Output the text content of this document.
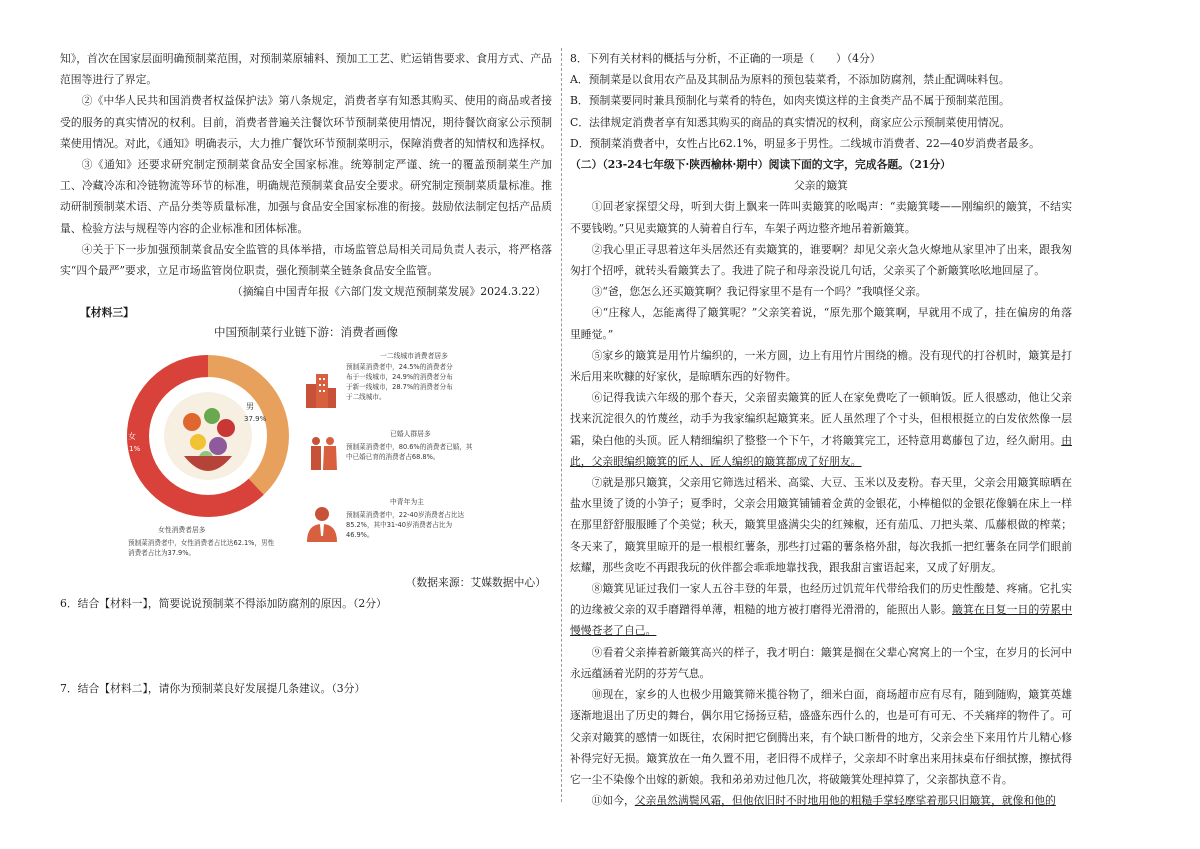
知》，首次在国家层面明确预制菜范围，对预制菜原辅料、预加工工艺、贮运销售要求、食用方式、产品范围等进行了界定。

②《中华人民共和国消费者权益保护法》第八条规定，消费者享有知悉其购买、使用的商品或者接受的服务的真实情况的权利。目前，消费者普遍关注餐饮环节预制菜使用情况，期待餐饮商家公示预制菜使用情况。对此，《通知》明确表示，大力推广餐饮环节预制菜明示，保障消费者的知情权和选择权。

③《通知》还要求研究制定预制菜食品安全国家标准。统筹制定严谨、统一的覆盖预制菜生产加工、冷藏冷冻和冷链物流等环节的标准，明确规范预制菜食品安全要求。研究制定预制菜质量标准。推动研制预制菜术语、产品分类等质量标准，加强与食品安全国家标准的衔接。鼓励依法制定包括产品质量、检验方法与规程等内容的企业标准和团体标准。

④关于下一步加强预制菜食品安全监管的具体举措，市场监管总局相关司局负责人表示，将严格落实“四个最严”要求，立足市场监管岗位职责，强化预制菜全链条食品安全监管。

（摘编自中国青年报《六部门发文规范预制菜发展》2024.3.22）

【材料三】

中国预制菜行业链下游：消费者画像
女
62.1%
男
37.9%
女性消费者居多
预制菜消费者中，女性消费者占比达62.1%，男性消费者占比为37.9%。
一二线城市消费者居多
预制菜消费者中，24.5%的消费者分布于一线城市，24.9%的消费者分布于新一线城市，28.7%的消费者分布于二线城市。
已婚人群居多
预制菜消费者中，80.6%的消费者已婚，其中已婚已育的消费者占68.8%。
中青年为主
预制菜消费者中，22-40岁消费者占比达85.2%，其中31-40岁消费者占比为46.9%。

（数据来源：艾媒数据中心）

6．结合【材料一】，简要说说预制菜不得添加防腐剂的原因。（2分）

7．结合【材料二】，请你为预制菜良好发展提几条建议。（3分）

8．下列有关材料的概括与分析，不正确的一项是（　　）（4分）

A．预制菜是以食用农产品及其制品为原料的预包装菜肴，不添加防腐剂，禁止配调味料包。

B．预制菜要同时兼具预制化与菜肴的特色，如肉夹馍这样的主食类产品不属于预制菜范围。

C．法律规定消费者享有知悉其购买的商品的真实情况的权利，商家应公示预制菜使用情况。

D．预制菜消费者中，女性占比62.1%，明显多于男性。二线城市消费者、22—40岁消费者最多。

（二）（23-24七年级下·陕西榆林·期中）阅读下面的文字，完成各题。（21分）

父亲的簸箕

①回老家探望父母，听到大街上飘来一阵叫卖簸箕的吆喝声：“卖簸箕喽——刚编织的簸箕，不结实不要钱哟。”只见卖簸箕的人骑着自行车，车架子两边整齐地吊着新簸箕。

②我心里正寻思着这年头居然还有卖簸箕的，谁要啊？却见父亲火急火燎地从家里冲了出来，跟我匆匆打个招呼，就转头看簸箕去了。我进了院子和母亲没说几句话，父亲买了个新簸箕吆吆地回屋了。

③“爸，您怎么还买簸箕啊？我记得家里不是有一个吗？”我嗔怪父亲。

④“庄稼人，怎能离得了簸箕呢？”父亲笑着说，“原先那个簸箕啊，早就用不成了，挂在偏房的角落里睡觉。”

⑤家乡的簸箕是用竹片编织的，一米方圆，边上有用竹片围绕的檐。没有现代的打谷机时，簸箕是打米后用来吹糠的好家伙，是晾晒东西的好物件。

⑥记得我读六年级的那个春天，父亲留卖簸箕的匠人在家免费吃了一顿晌饭。匠人很感动，他让父亲找来沉淀很久的竹蔑丝，动手为我家编织起簸箕来。匠人虽然理了个寸头，但根根挺立的白发依然像一层霜，染白他的头顶。匠人精细编织了整整一个下午，才将簸箕完工，还特意用葛藤包了边，经久耐用。由此，父亲眼编织簸箕的匠人、匠人编织的簸箕都成了好朋友。

⑦就是那只簸箕，父亲用它筛选过稻米、高粱、大豆、玉米以及麦粉。春天里，父亲会用簸箕晾晒在盐水里烫了烫的小笋子；夏季时，父亲会用簸箕铺铺着金黄的金银花，小棒槌似的金银花像躺在床上一样在那里舒舒服服睡了个美觉；秋天，簸箕里盛满尖尖的红辣椒，还有茄瓜、刀把头菜、瓜藤根做的榨菜；冬天来了，簸箕里晾开的是一根根红薯条，那些打过霜的薯条格外甜，每次我抓一把红薯条在同学们眼前炫耀，那些贪吃不再跟我玩的伙伴都会乖乖地靠找我，跟我甜言蜜语起来，又成了好朋友。

⑧簸箕见证过我们一家人五谷丰登的年景，也经历过饥荒年代带给我们的历史性酸楚、疼痛。它扎实的边缘被父亲的双手磨蹭得单薄，粗糙的地方被打磨得光滑滑的，能照出人影。簸箕在日复一日的劳累中慢慢苍老了自己。

⑨看着父亲捧着新簸箕高兴的样子，我才明白：簸箕是搁在父辈心窝窝上的一个宝，在岁月的长河中永远蕴涵着光阴的芬芳气息。

⑩现在，家乡的人也极少用簸箕筛米揽谷物了，细米白面，商场超市应有尽有，随到随购，簸箕英雄逐渐地退出了历史的舞台，偶尔用它扬扬豆秸，盛盛东西什么的，也是可有可无、不关痛痒的物件了。可父亲对簸箕的感情一如既往，农闲时把它倒腾出来，有个缺口断骨的地方，父亲会坐下来用竹片儿精心修补得完好无损。簸箕放在一角久置不用，老旧得不成样子，父亲却不时拿出来用抹桌布仔细拭擦，擦拭得它一尘不染像个出嫁的新娘。我和弟弟劝过他几次，将破簸箕处理掉算了，父亲都执意不肯。

⑪如今，父亲虽然满鬓风霜，但他依旧时不时地用他的粗糙手掌轻摩挲着那只旧簸箕，就像和他的
